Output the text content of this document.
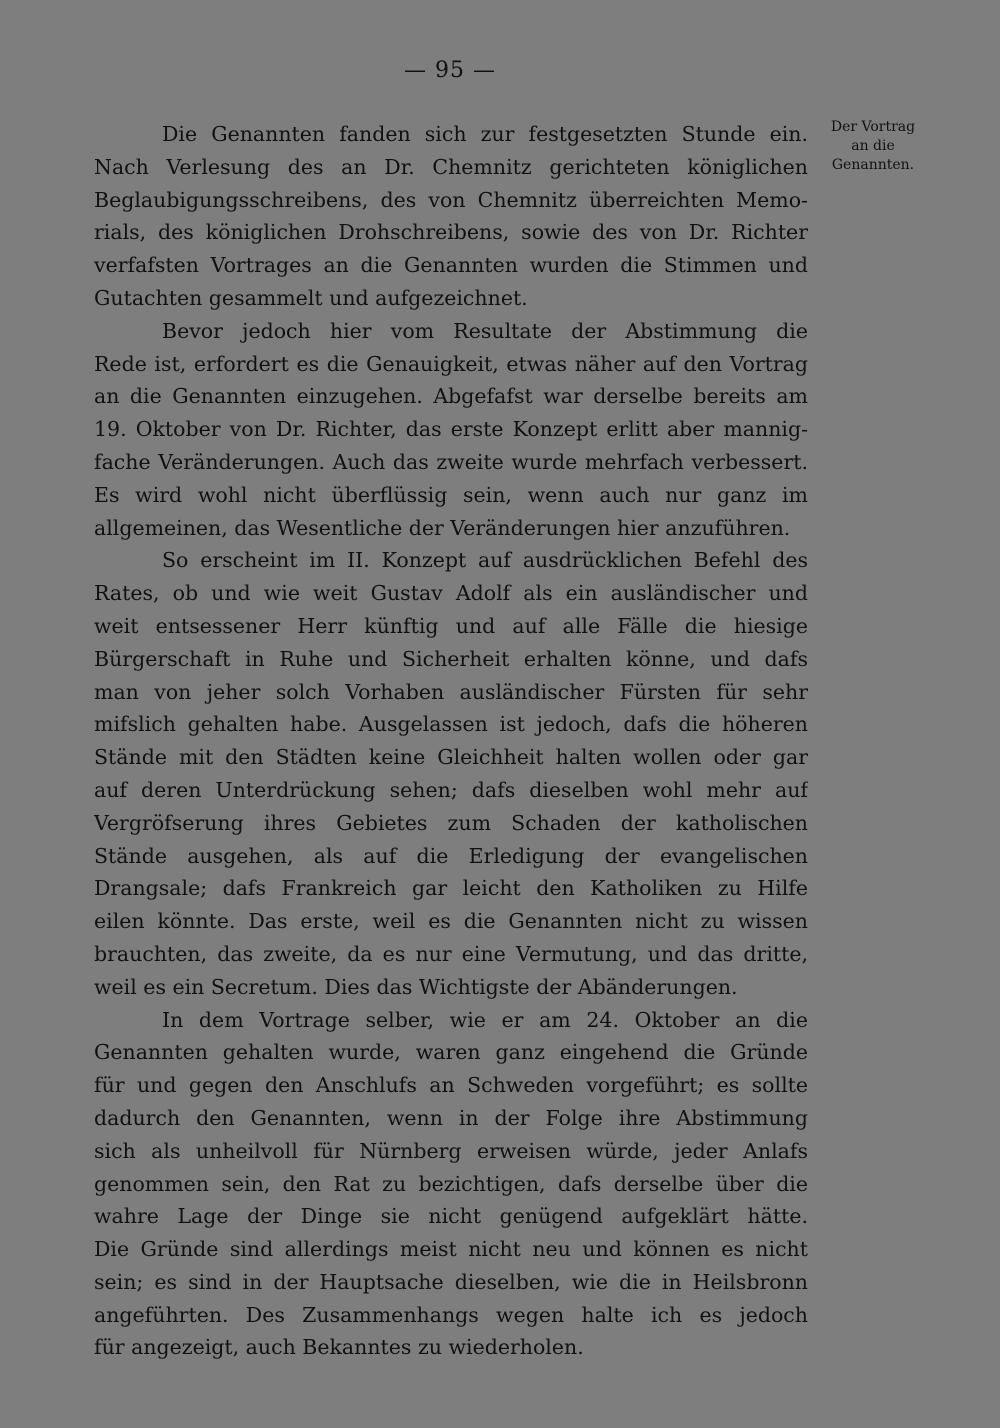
— 95 —
Der Vortrag
an die
Genannten.
Die Genannten fanden sich zur festgesetzten Stunde ein.
Nach Verlesung des an Dr. Chemnitz gerichteten königlichen
Beglaubigungsschreibens, des von Chemnitz überreichten Memo-
rials, des königlichen Drohschreibens, sowie des von Dr. Richter
verfafsten Vortrages an die Genannten wurden die Stimmen und
Gutachten gesammelt und aufgezeichnet.
Bevor jedoch hier vom Resultate der Abstimmung die
Rede ist, erfordert es die Genauigkeit, etwas näher auf den Vortrag
an die Genannten einzugehen. Abgefafst war derselbe bereits am
19. Oktober von Dr. Richter, das erste Konzept erlitt aber mannig-
fache Veränderungen. Auch das zweite wurde mehrfach verbessert.
Es wird wohl nicht überflüssig sein, wenn auch nur ganz im
allgemeinen, das Wesentliche der Veränderungen hier anzuführen.
So erscheint im II. Konzept auf ausdrücklichen Befehl des
Rates, ob und wie weit Gustav Adolf als ein ausländischer und
weit entsessener Herr künftig und auf alle Fälle die hiesige
Bürgerschaft in Ruhe und Sicherheit erhalten könne, und dafs
man von jeher solch Vorhaben ausländischer Fürsten für sehr
mifslich gehalten habe. Ausgelassen ist jedoch, dafs die höheren
Stände mit den Städten keine Gleichheit halten wollen oder gar
auf deren Unterdrückung sehen; dafs dieselben wohl mehr auf
Vergröfserung ihres Gebietes zum Schaden der katholischen
Stände ausgehen, als auf die Erledigung der evangelischen
Drangsale; dafs Frankreich gar leicht den Katholiken zu Hilfe
eilen könnte. Das erste, weil es die Genannten nicht zu wissen
brauchten, das zweite, da es nur eine Vermutung, und das dritte,
weil es ein Secretum. Dies das Wichtigste der Abänderungen.
In dem Vortrage selber, wie er am 24. Oktober an die
Genannten gehalten wurde, waren ganz eingehend die Gründe
für und gegen den Anschlufs an Schweden vorgeführt; es sollte
dadurch den Genannten, wenn in der Folge ihre Abstimmung
sich als unheilvoll für Nürnberg erweisen würde, jeder Anlafs
genommen sein, den Rat zu bezichtigen, dafs derselbe über die
wahre Lage der Dinge sie nicht genügend aufgeklärt hätte.
Die Gründe sind allerdings meist nicht neu und können es nicht
sein; es sind in der Hauptsache dieselben, wie die in Heilsbronn
angeführten. Des Zusammenhangs wegen halte ich es jedoch
für angezeigt, auch Bekanntes zu wiederholen.
